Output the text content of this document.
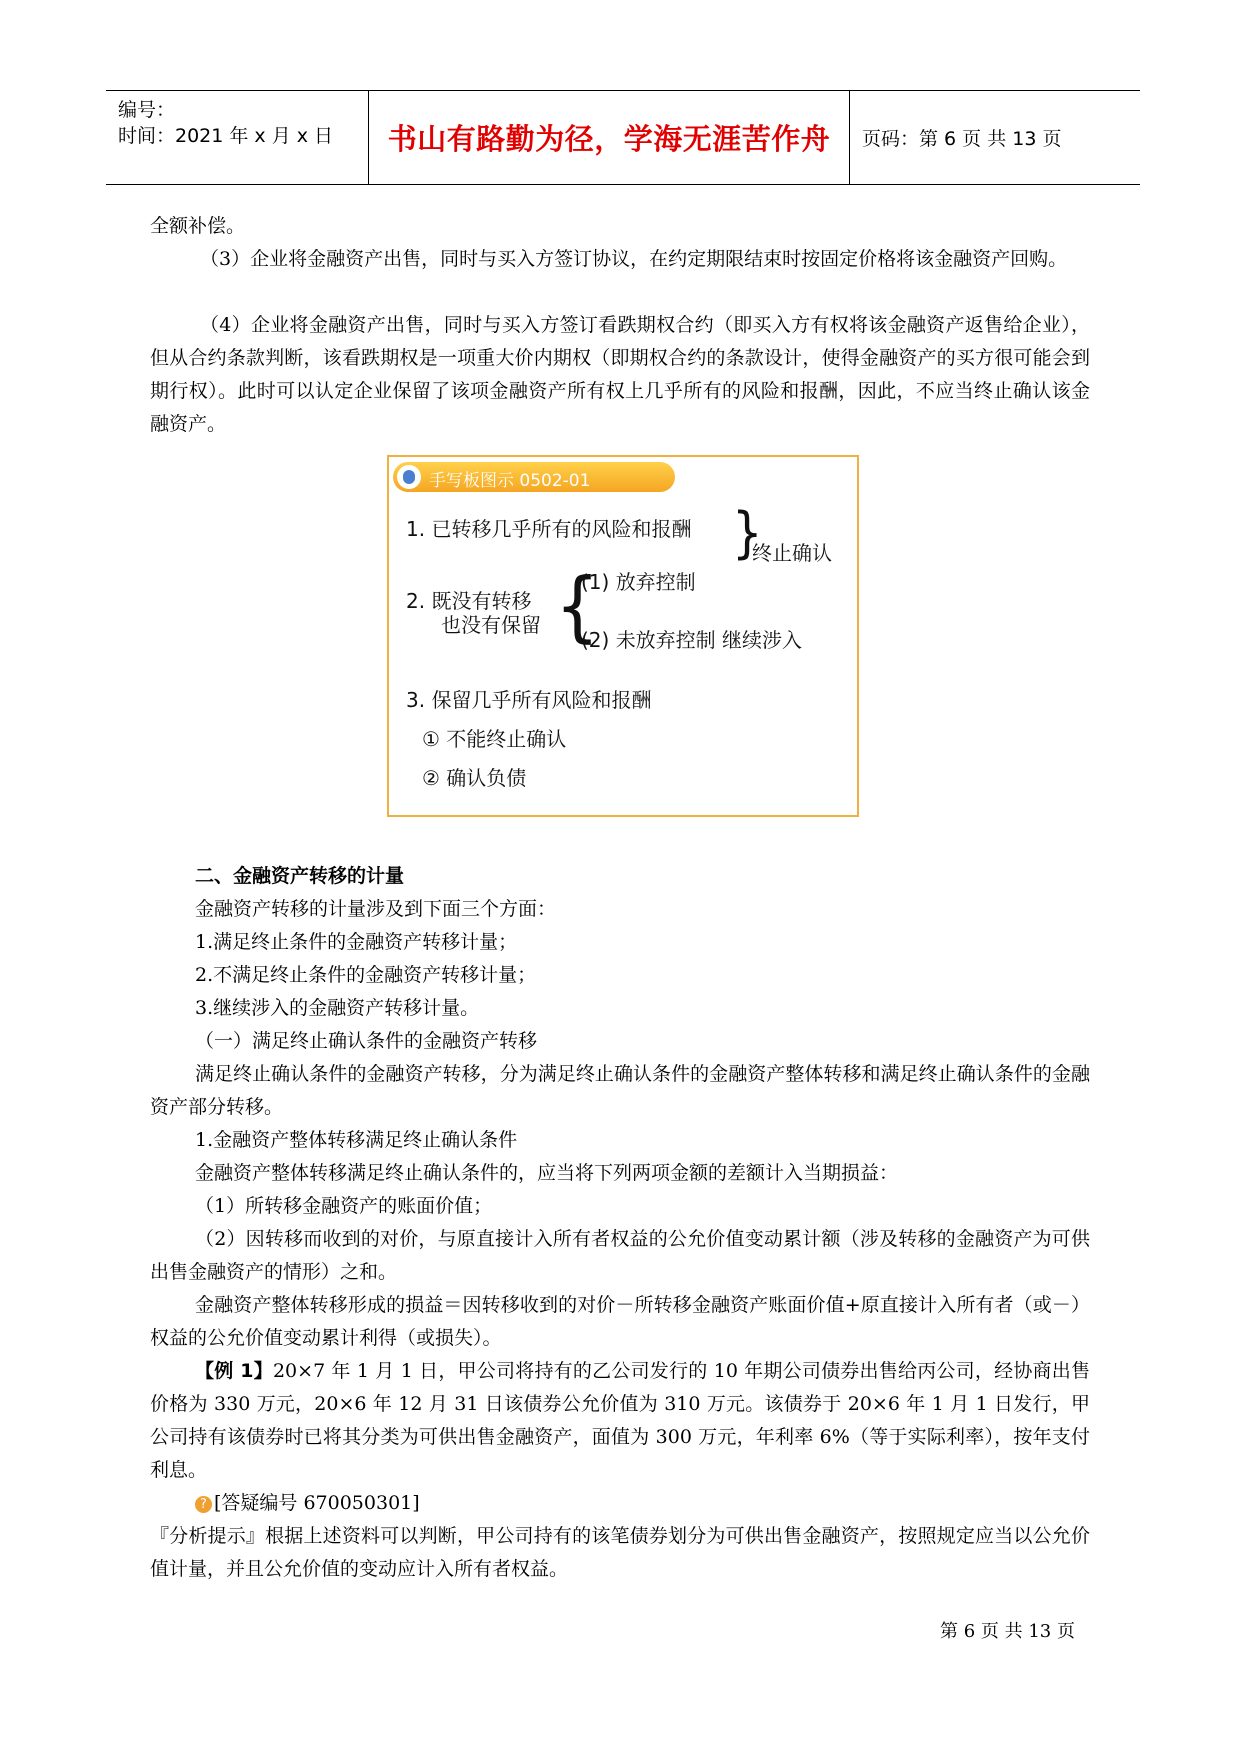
编号：
时间：2021 年 x 月 x 日	书山有路勤为径，学海无涯苦作舟	页码：第 6 页 共 13 页
全额补偿。
（3）企业将金融资产出售，同时与买入方签订协议，在约定期限结束时按固定价格将该金融资产回购。
（4）企业将金融资产出售，同时与买入方签订看跌期权合约（即买入方有权将该金融资产返售给企业），但从合约条款判断，该看跌期权是一项重大价内期权（即期权合约的条款设计，使得金融资产的买方很可能会到期行权）。此时可以认定企业保留了该项金融资产所有权上几乎所有的风险和报酬，因此，不应当终止确认该金融资产。
手写板图示 0502-01
1. 已转移几乎所有的风险和报酬 }
终止确认
2. 既没有转移
也没有保留 {
(1) 放弃控制
(2) 未放弃控制 继续涉入
3. 保留几乎所有风险和报酬
① 不能终止确认
② 确认负债
二、金融资产转移的计量
金融资产转移的计量涉及到下面三个方面：
1.满足终止条件的金融资产转移计量；
2.不满足终止条件的金融资产转移计量；
3.继续涉入的金融资产转移计量。
（一）满足终止确认条件的金融资产转移
满足终止确认条件的金融资产转移，分为满足终止确认条件的金融资产整体转移和满足终止确认条件的金融资产部分转移。
1.金融资产整体转移满足终止确认条件
金融资产整体转移满足终止确认条件的，应当将下列两项金额的差额计入当期损益：
（1）所转移金融资产的账面价值；
（2）因转移而收到的对价，与原直接计入所有者权益的公允价值变动累计额（涉及转移的金融资产为可供出售金融资产的情形）之和。
金融资产整体转移形成的损益＝因转移收到的对价－所转移金融资产账面价值+原直接计入所有者（或－）权益的公允价值变动累计利得（或损失）。
【例 1】20×7 年 1 月 1 日，甲公司将持有的乙公司发行的 10 年期公司债券出售给丙公司，经协商出售价格为 330 万元，20×6 年 12 月 31 日该债券公允价值为 310 万元。该债券于 20×6 年 1 月 1 日发行，甲公司持有该债券时已将其分类为可供出售金融资产，面值为 300 万元，年利率 6%（等于实际利率），按年支付利息。
? [答疑编号 670050301]
『分析提示』根据上述资料可以判断，甲公司持有的该笔债券划分为可供出售金融资产，按照规定应当以公允价值计量，并且公允价值的变动应计入所有者权益。
第 6 页 共 13 页
